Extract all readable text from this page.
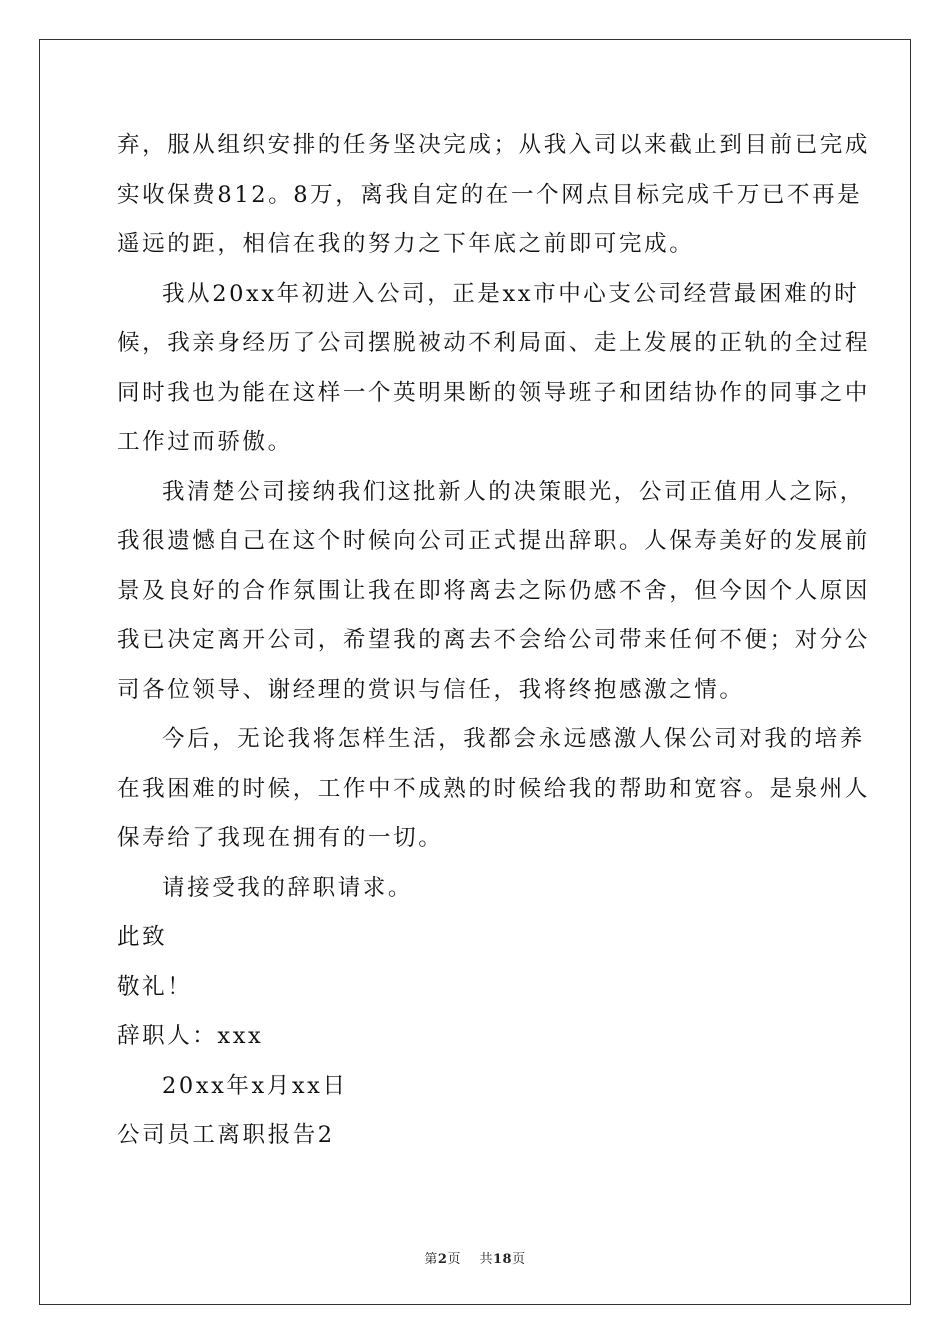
弃，服从组织安排的任务坚决完成；从我入司以来截止到目前已完成
实收保费812。8万，离我自定的在一个网点目标完成千万已不再是
遥远的距，相信在我的努力之下年底之前即可完成。
我从20xx年初进入公司，正是xx市中心支公司经营最困难的时
候，我亲身经历了公司摆脱被动不利局面、走上发展的正轨的全过程
同时我也为能在这样一个英明果断的领导班子和团结协作的同事之中
工作过而骄傲。
我清楚公司接纳我们这批新人的决策眼光，公司正值用人之际，
我很遗憾自己在这个时候向公司正式提出辞职。人保寿美好的发展前
景及良好的合作氛围让我在即将离去之际仍感不舍，但今因个人原因
我已决定离开公司，希望我的离去不会给公司带来任何不便；对分公
司各位领导、谢经理的赏识与信任，我将终抱感激之情。
今后，无论我将怎样生活，我都会永远感激人保公司对我的培养
在我困难的时候，工作中不成熟的时候给我的帮助和宽容。是泉州人
保寿给了我现在拥有的一切。
请接受我的辞职请求。
此致
敬礼！
辞职人：xxx
20xx年x月xx日
公司员工离职报告2
第2页 共18页
